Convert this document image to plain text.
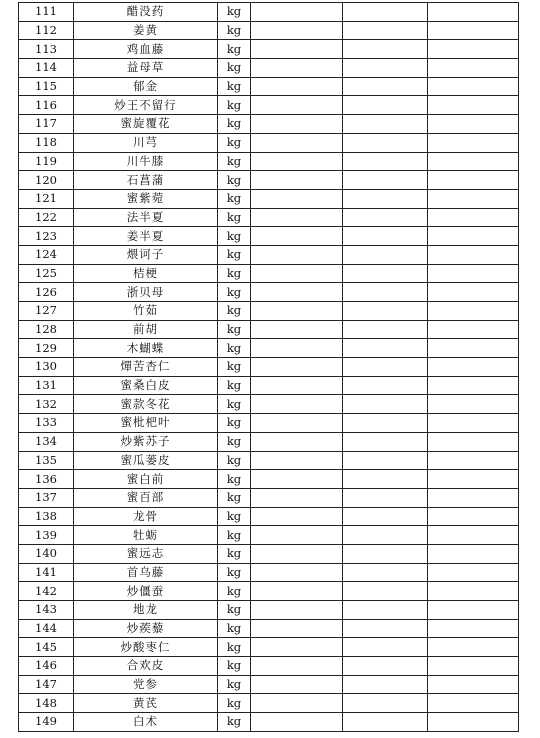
111	醋没药	kg			
112	姜黄	kg			
113	鸡血藤	kg			
114	益母草	kg			
115	郁金	kg			
116	炒王不留行	kg			
117	蜜旋覆花	kg			
118	川芎	kg			
119	川牛膝	kg			
120	石菖蒲	kg			
121	蜜紫菀	kg			
122	法半夏	kg			
123	姜半夏	kg			
124	煨诃子	kg			
125	桔梗	kg			
126	浙贝母	kg			
127	竹茹	kg			
128	前胡	kg			
129	木蝴蝶	kg			
130	燀苦杏仁	kg			
131	蜜桑白皮	kg			
132	蜜款冬花	kg			
133	蜜枇杷叶	kg			
134	炒紫苏子	kg			
135	蜜瓜蒌皮	kg			
136	蜜白前	kg			
137	蜜百部	kg			
138	龙骨	kg			
139	牡蛎	kg			
140	蜜远志	kg			
141	首乌藤	kg			
142	炒僵蚕	kg			
143	地龙	kg			
144	炒蒺藜	kg			
145	炒酸枣仁	kg			
146	合欢皮	kg			
147	党参	kg			
148	黄芪	kg			
149	白术	kg			
